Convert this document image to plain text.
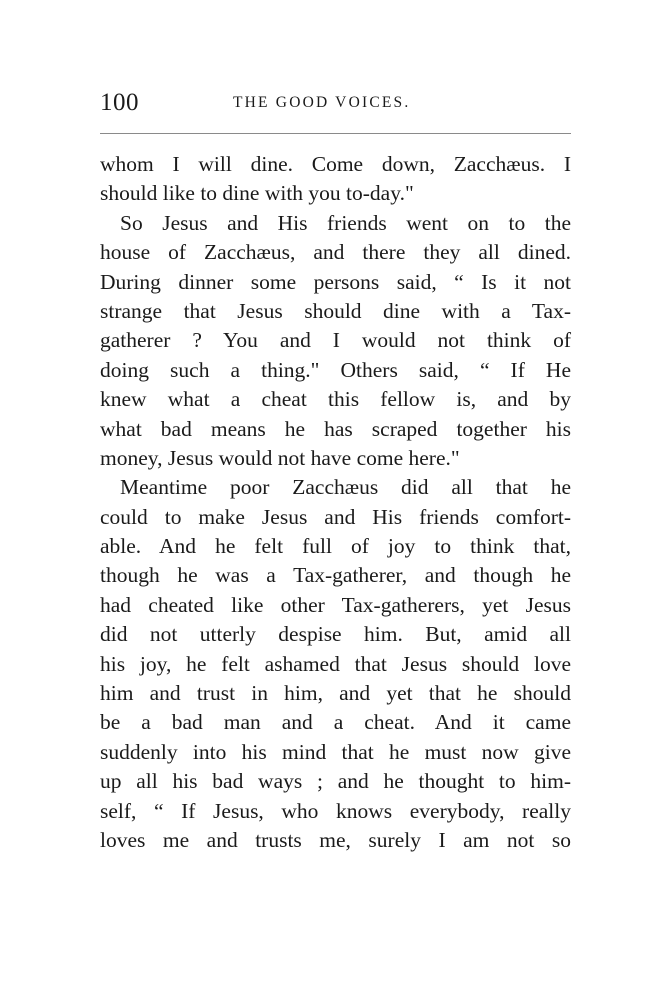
100	THE GOOD VOICES.
whom I will dine. Come down, Zacchæus. I
should like to dine with you to-day."
So Jesus and His friends went on to the
house of Zacchæus, and there they all dined.
During dinner some persons said, “ Is it not
strange that Jesus should dine with a Tax-
gatherer ? You and I would not think of
doing such a thing." Others said, “ If He
knew what a cheat this fellow is, and by
what bad means he has scraped together his
money, Jesus would not have come here."
Meantime poor Zacchæus did all that he
could to make Jesus and His friends comfort-
able. And he felt full of joy to think that,
though he was a Tax-gatherer, and though he
had cheated like other Tax-gatherers, yet Jesus
did not utterly despise him. But, amid all
his joy, he felt ashamed that Jesus should love
him and trust in him, and yet that he should
be a bad man and a cheat. And it came
suddenly into his mind that he must now give
up all his bad ways ; and he thought to him-
self, “ If Jesus, who knows everybody, really
loves me and trusts me, surely I am not so
